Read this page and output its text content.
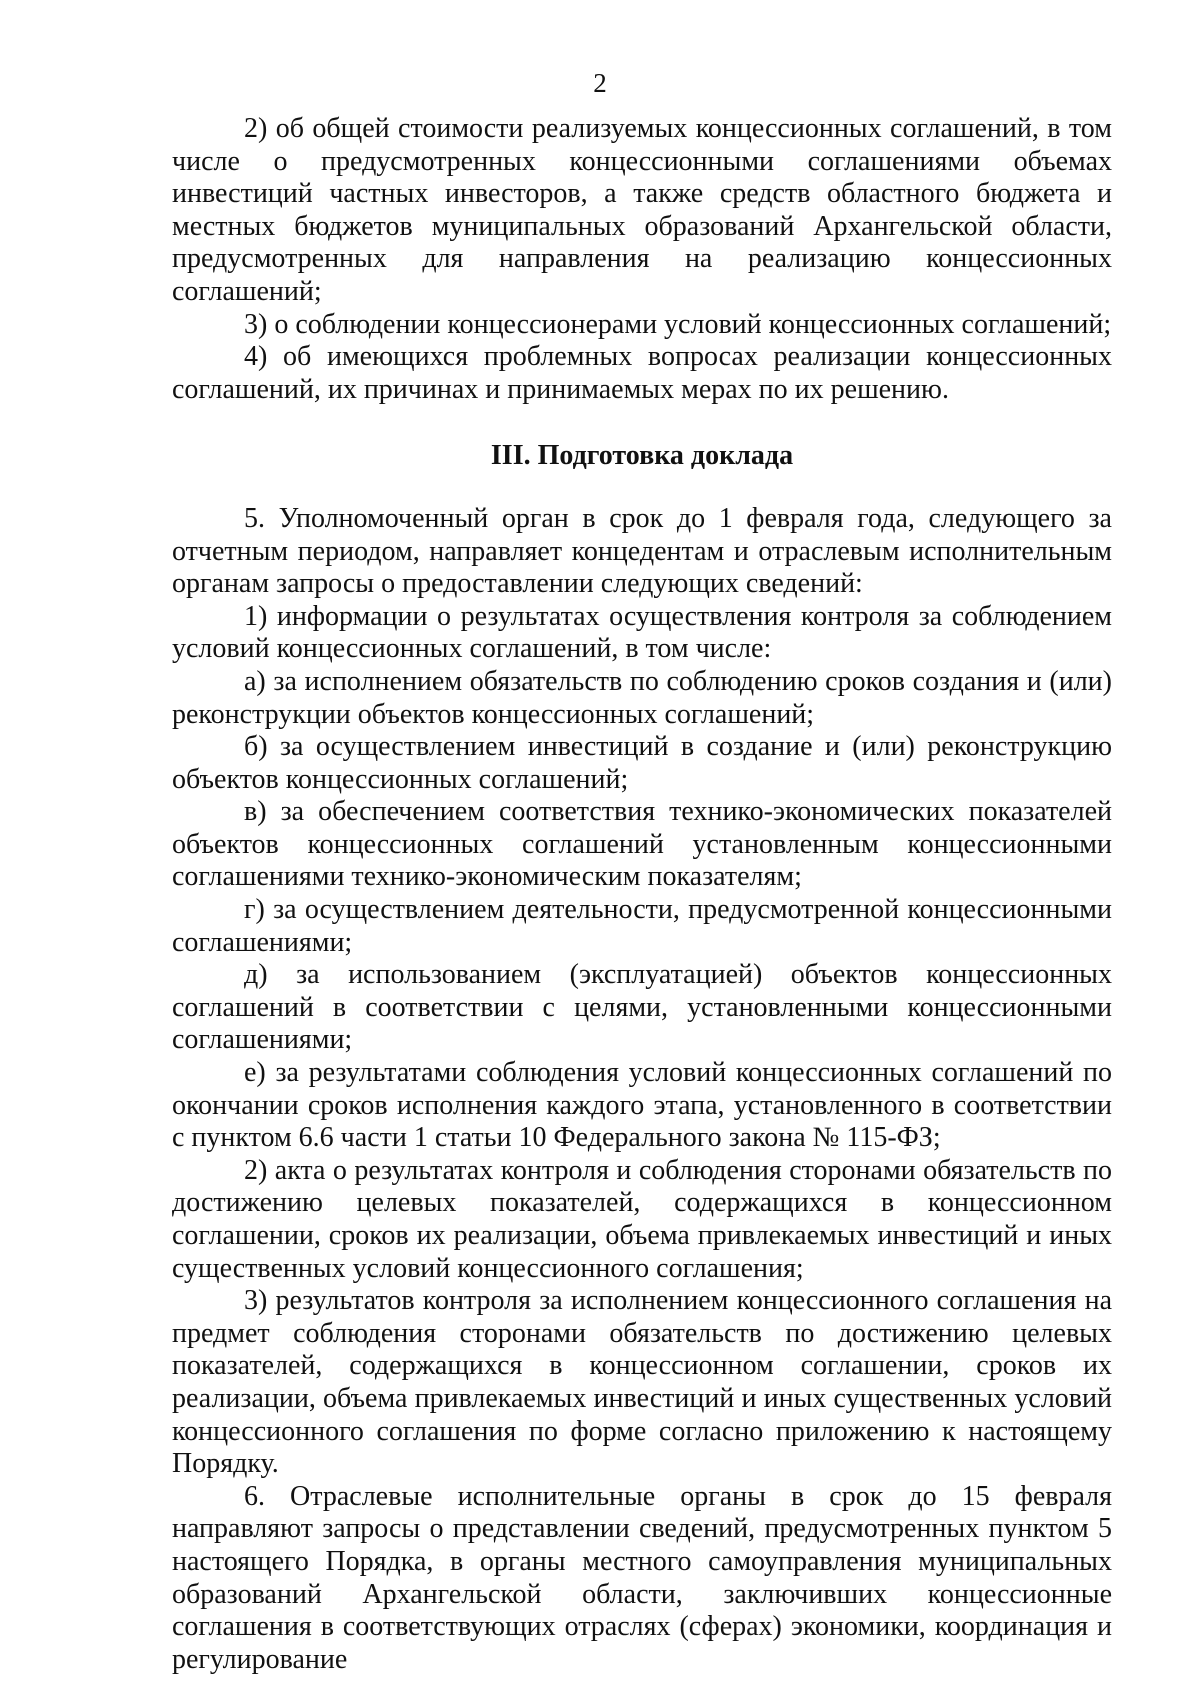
2

2) об общей стоимости реализуемых концессионных соглашений, в том числе о предусмотренных концессионными соглашениями объемах инвестиций частных инвесторов, а также средств областного бюджета и местных бюджетов муниципальных образований Архангельской области, предусмотренных для направления на реализацию концессионных соглашений;

3) о соблюдении концессионерами условий концессионных соглашений;

4) об имеющихся проблемных вопросах реализации концессионных соглашений, их причинах и принимаемых мерах по их решению.

III. Подготовка доклада

5. Уполномоченный орган в срок до 1 февраля года, следующего за отчетным периодом, направляет концедентам и отраслевым исполнительным органам запросы о предоставлении следующих сведений:

1) информации о результатах осуществления контроля за соблюдением условий концессионных соглашений, в том числе:

а) за исполнением обязательств по соблюдению сроков создания и (или) реконструкции объектов концессионных соглашений;

б) за осуществлением инвестиций в создание и (или) реконструкцию объектов концессионных соглашений;

в) за обеспечением соответствия технико-экономических показателей объектов концессионных соглашений установленным концессионными соглашениями технико-экономическим показателям;

г) за осуществлением деятельности, предусмотренной концессионными соглашениями;

д) за использованием (эксплуатацией) объектов концессионных соглашений в соответствии с целями, установленными концессионными соглашениями;

е) за результатами соблюдения условий концессионных соглашений по окончании сроков исполнения каждого этапа, установленного в соответствии с пунктом 6.6 части 1 статьи 10 Федерального закона № 115-ФЗ;

2) акта о результатах контроля и соблюдения сторонами обязательств по достижению целевых показателей, содержащихся в концессионном соглашении, сроков их реализации, объема привлекаемых инвестиций и иных существенных условий концессионного соглашения;

3) результатов контроля за исполнением концессионного соглашения на предмет соблюдения сторонами обязательств по достижению целевых показателей, содержащихся в концессионном соглашении, сроков их реализации, объема привлекаемых инвестиций и иных существенных условий концессионного соглашения по форме согласно приложению к настоящему Порядку.

6. Отраслевые исполнительные органы в срок до 15 февраля направляют запросы о представлении сведений, предусмотренных пунктом 5 настоящего Порядка, в органы местного самоуправления муниципальных образований Архангельской области, заключивших концессионные соглашения в соответствующих отраслях (сферах) экономики, координация и регулирование
